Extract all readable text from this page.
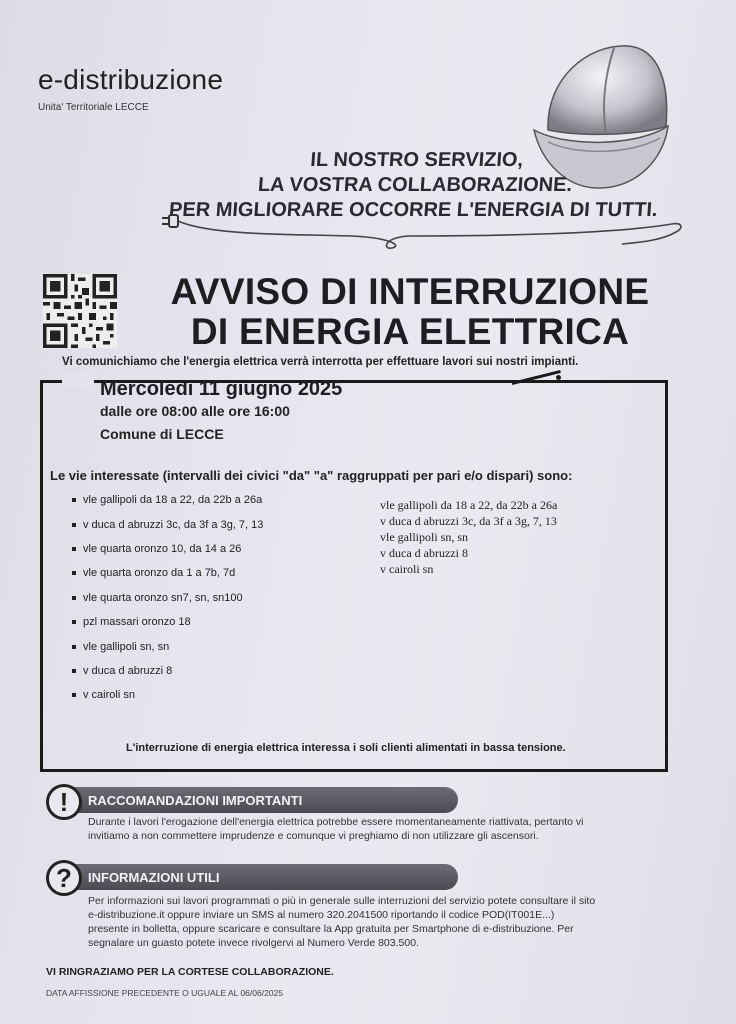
e-distribuzione
Unita' Territoriale LECCE
IL NOSTRO SERVIZIO,
LA VOSTRA COLLABORAZIONE.
PER MIGLIORARE OCCORRE L'ENERGIA DI TUTTI.
AVVISO DI INTERRUZIONE
DI ENERGIA ELETTRICA
Vi comunichiamo che l'energia elettrica verrà interrotta per effettuare lavori sui nostri impianti.
Mercoledì 11 giugno 2025
dalle ore 08:00 alle ore 16:00
Comune di LECCE
Le vie interessate (intervalli dei civici "da" "a" raggruppati per pari e/o dispari) sono:
vle gallipoli da 18 a 22, da 22b a 26a
v duca d abruzzi 3c, da 3f a 3g, 7, 13
vle quarta oronzo 10, da 14 a 26
vle quarta oronzo da 1 a 7b, 7d
vle quarta oronzo sn7, sn, sn100
pzl massari oronzo 18
vle gallipoli sn, sn
v duca d abruzzi 8
v cairoli sn
vle gallipoli da 18 a 22, da 22b a 26a
v duca d abruzzi 3c, da 3f a 3g, 7, 13
vle gallipoli sn, sn
v duca d abruzzi 8
v cairoli sn
L'interruzione di energia elettrica interessa i soli clienti alimentati in bassa tensione.
RACCOMANDAZIONI IMPORTANTI
!
Durante i lavori l'erogazione dell'energia elettrica potrebbe essere momentaneamente riattivata, pertanto vi
invitiamo a non commettere imprudenze e comunque vi preghiamo di non utilizzare gli ascensori.
INFORMAZIONI UTILI
?
Per informazioni sui lavori programmati o più in generale sulle interruzioni del servizio potete consultare il sito
e-distribuzione.it oppure inviare un SMS al numero 320.2041500 riportando il codice POD(IT001E...)
presente in bolletta, oppure scaricare e consultare la App gratuita per Smartphone di e-distribuzione. Per
segnalare un guasto potete invece rivolgervi al Numero Verde 803.500.
VI RINGRAZIAMO PER LA CORTESE COLLABORAZIONE.
DATA AFFISSIONE PRECEDENTE O UGUALE AL 06/06/2025
